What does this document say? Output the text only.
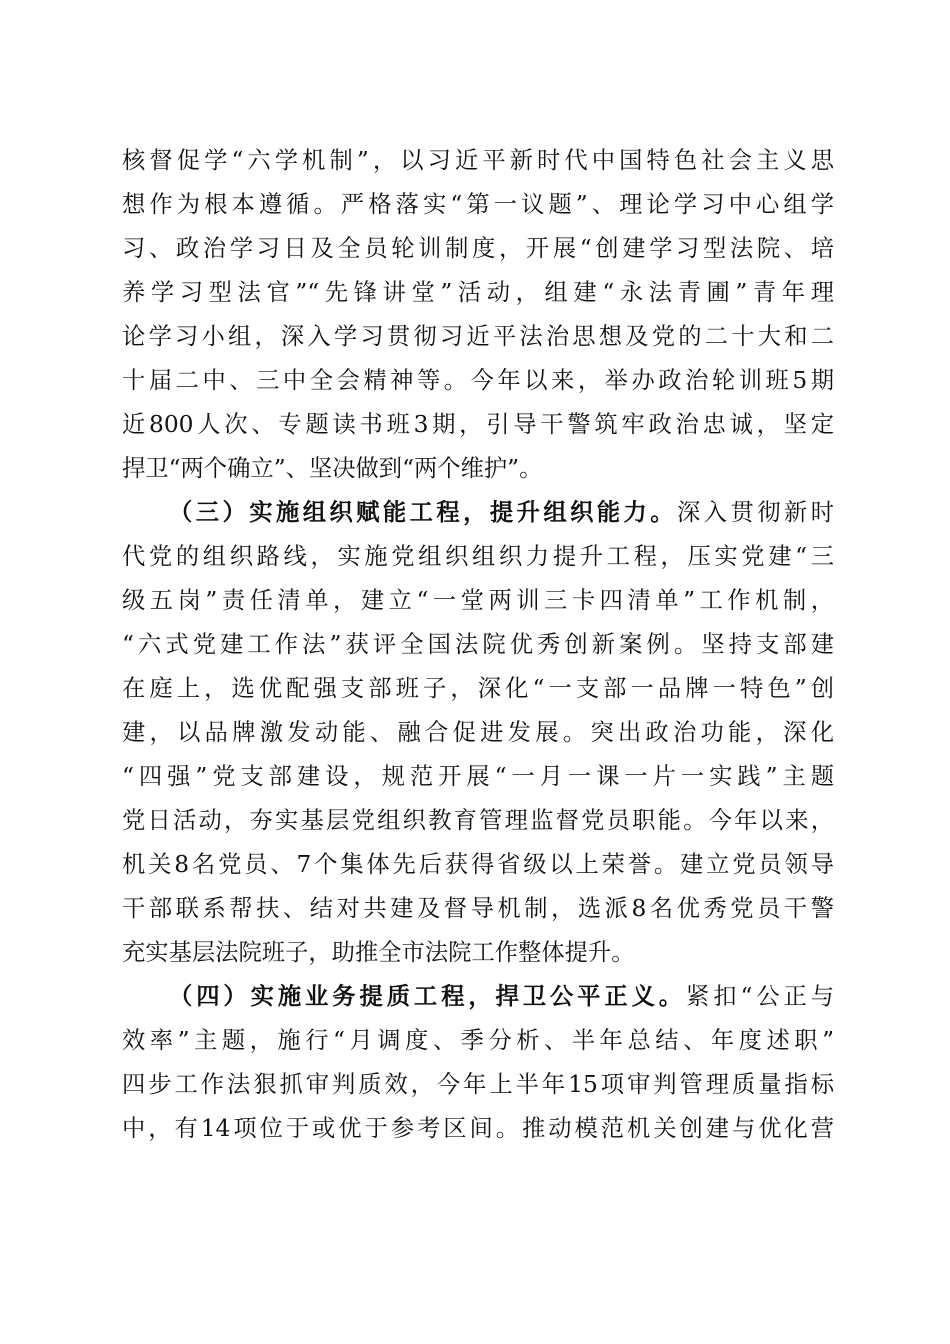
核督促学“六学机制”，以习近平新时代中国特色社会主义思
想作为根本遵循。严格落实“第一议题”、理论学习中心组学
习、政治学习日及全员轮训制度，开展“创建学习型法院、培
养学习型法官”“先锋讲堂”活动，组建“永法青圃”青年理
论学习小组，深入学习贯彻习近平法治思想及党的二十大和二
十届二中、三中全会精神等。今年以来，举办政治轮训班5期
近800人次、专题读书班3期，引导干警筑牢政治忠诚，坚定
捍卫“两个确立”、坚决做到“两个维护”。
（三）实施组织赋能工程，提升组织能力。深入贯彻新时
代党的组织路线，实施党组织组织力提升工程，压实党建“三
级五岗”责任清单，建立“一堂两训三卡四清单”工作机制，
“六式党建工作法”获评全国法院优秀创新案例。坚持支部建
在庭上，选优配强支部班子，深化“一支部一品牌一特色”创
建，以品牌激发动能、融合促进发展。突出政治功能，深化
“四强”党支部建设，规范开展“一月一课一片一实践”主题
党日活动，夯实基层党组织教育管理监督党员职能。今年以来，
机关8名党员、7个集体先后获得省级以上荣誉。建立党员领导
干部联系帮扶、结对共建及督导机制，选派8名优秀党员干警
充实基层法院班子，助推全市法院工作整体提升。
（四）实施业务提质工程，捍卫公平正义。紧扣“公正与
效率”主题，施行“月调度、季分析、半年总结、年度述职”
四步工作法狠抓审判质效，今年上半年15项审判管理质量指标
中，有14项位于或优于参考区间。推动模范机关创建与优化营
